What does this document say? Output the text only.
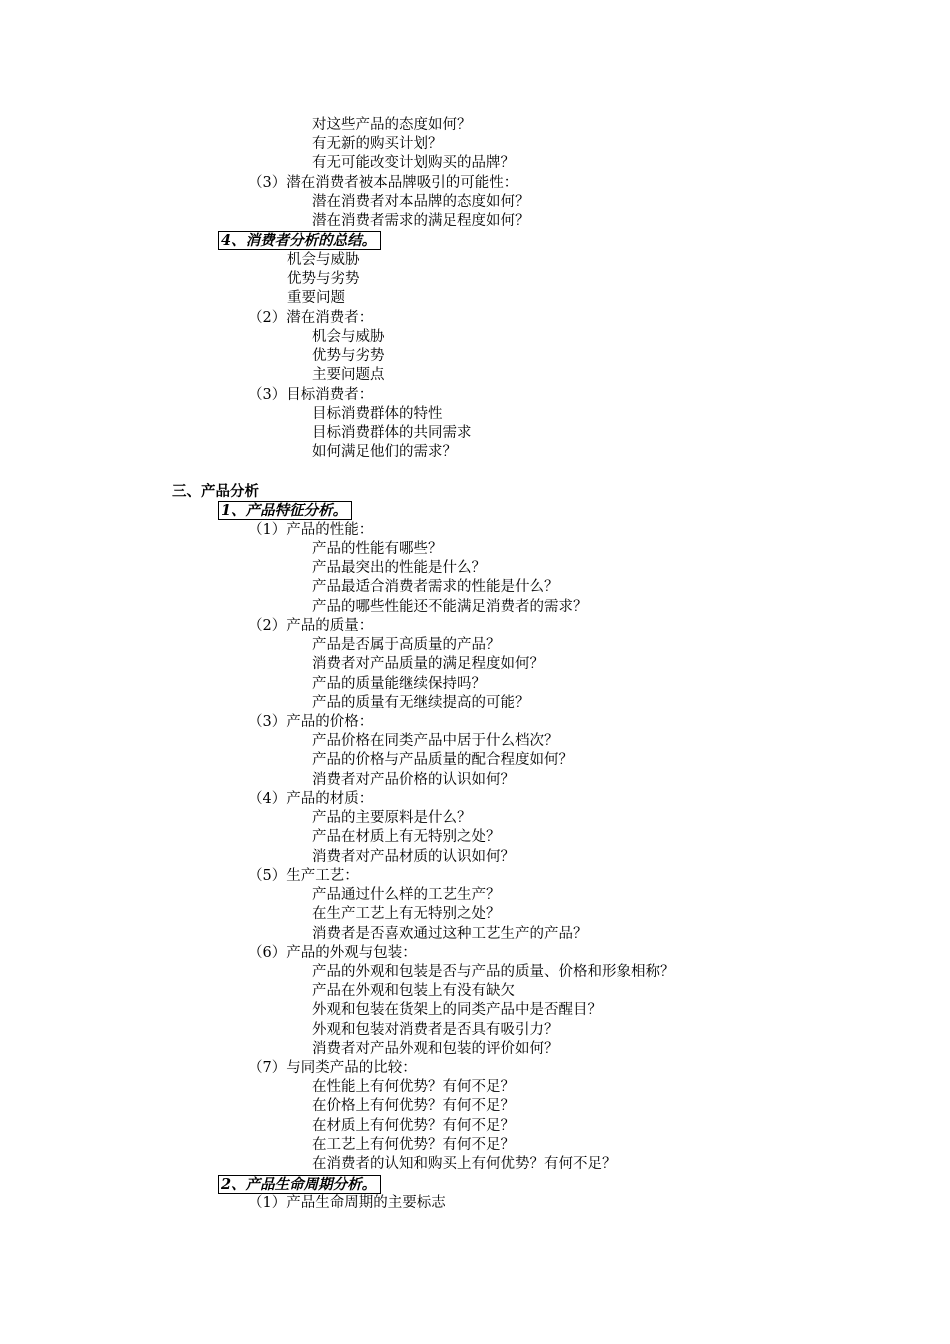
对这些产品的态度如何？
有无新的购买计划？
有无可能改变计划购买的品牌？
（3）潜在消费者被本品牌吸引的可能性：
潜在消费者对本品牌的态度如何？
潜在消费者需求的满足程度如何？
4、消费者分析的总结。
机会与威胁
优势与劣势
重要问题
（2）潜在消费者：
机会与威胁
优势与劣势
主要问题点
（3）目标消费者：
目标消费群体的特性
目标消费群体的共同需求
如何满足他们的需求？
三、产品分析
1、产品特征分析。
（1）产品的性能：
产品的性能有哪些？
产品最突出的性能是什么？
产品最适合消费者需求的性能是什么？
产品的哪些性能还不能满足消费者的需求？
（2）产品的质量：
产品是否属于高质量的产品？
消费者对产品质量的满足程度如何？
产品的质量能继续保持吗？
产品的质量有无继续提高的可能？
（3）产品的价格：
产品价格在同类产品中居于什么档次？
产品的价格与产品质量的配合程度如何？
消费者对产品价格的认识如何？
（4）产品的材质：
产品的主要原料是什么？
产品在材质上有无特别之处？
消费者对产品材质的认识如何？
（5）生产工艺：
产品通过什么样的工艺生产？
在生产工艺上有无特别之处？
消费者是否喜欢通过这种工艺生产的产品？
（6）产品的外观与包装：
产品的外观和包装是否与产品的质量、价格和形象相称？
产品在外观和包装上有没有缺欠
外观和包装在货架上的同类产品中是否醒目？
外观和包装对消费者是否具有吸引力？
消费者对产品外观和包装的评价如何？
（7）与同类产品的比较：
在性能上有何优势？有何不足？
在价格上有何优势？有何不足？
在材质上有何优势？有何不足？
在工艺上有何优势？有何不足？
在消费者的认知和购买上有何优势？有何不足？
2、产品生命周期分析。
（1）产品生命周期的主要标志
